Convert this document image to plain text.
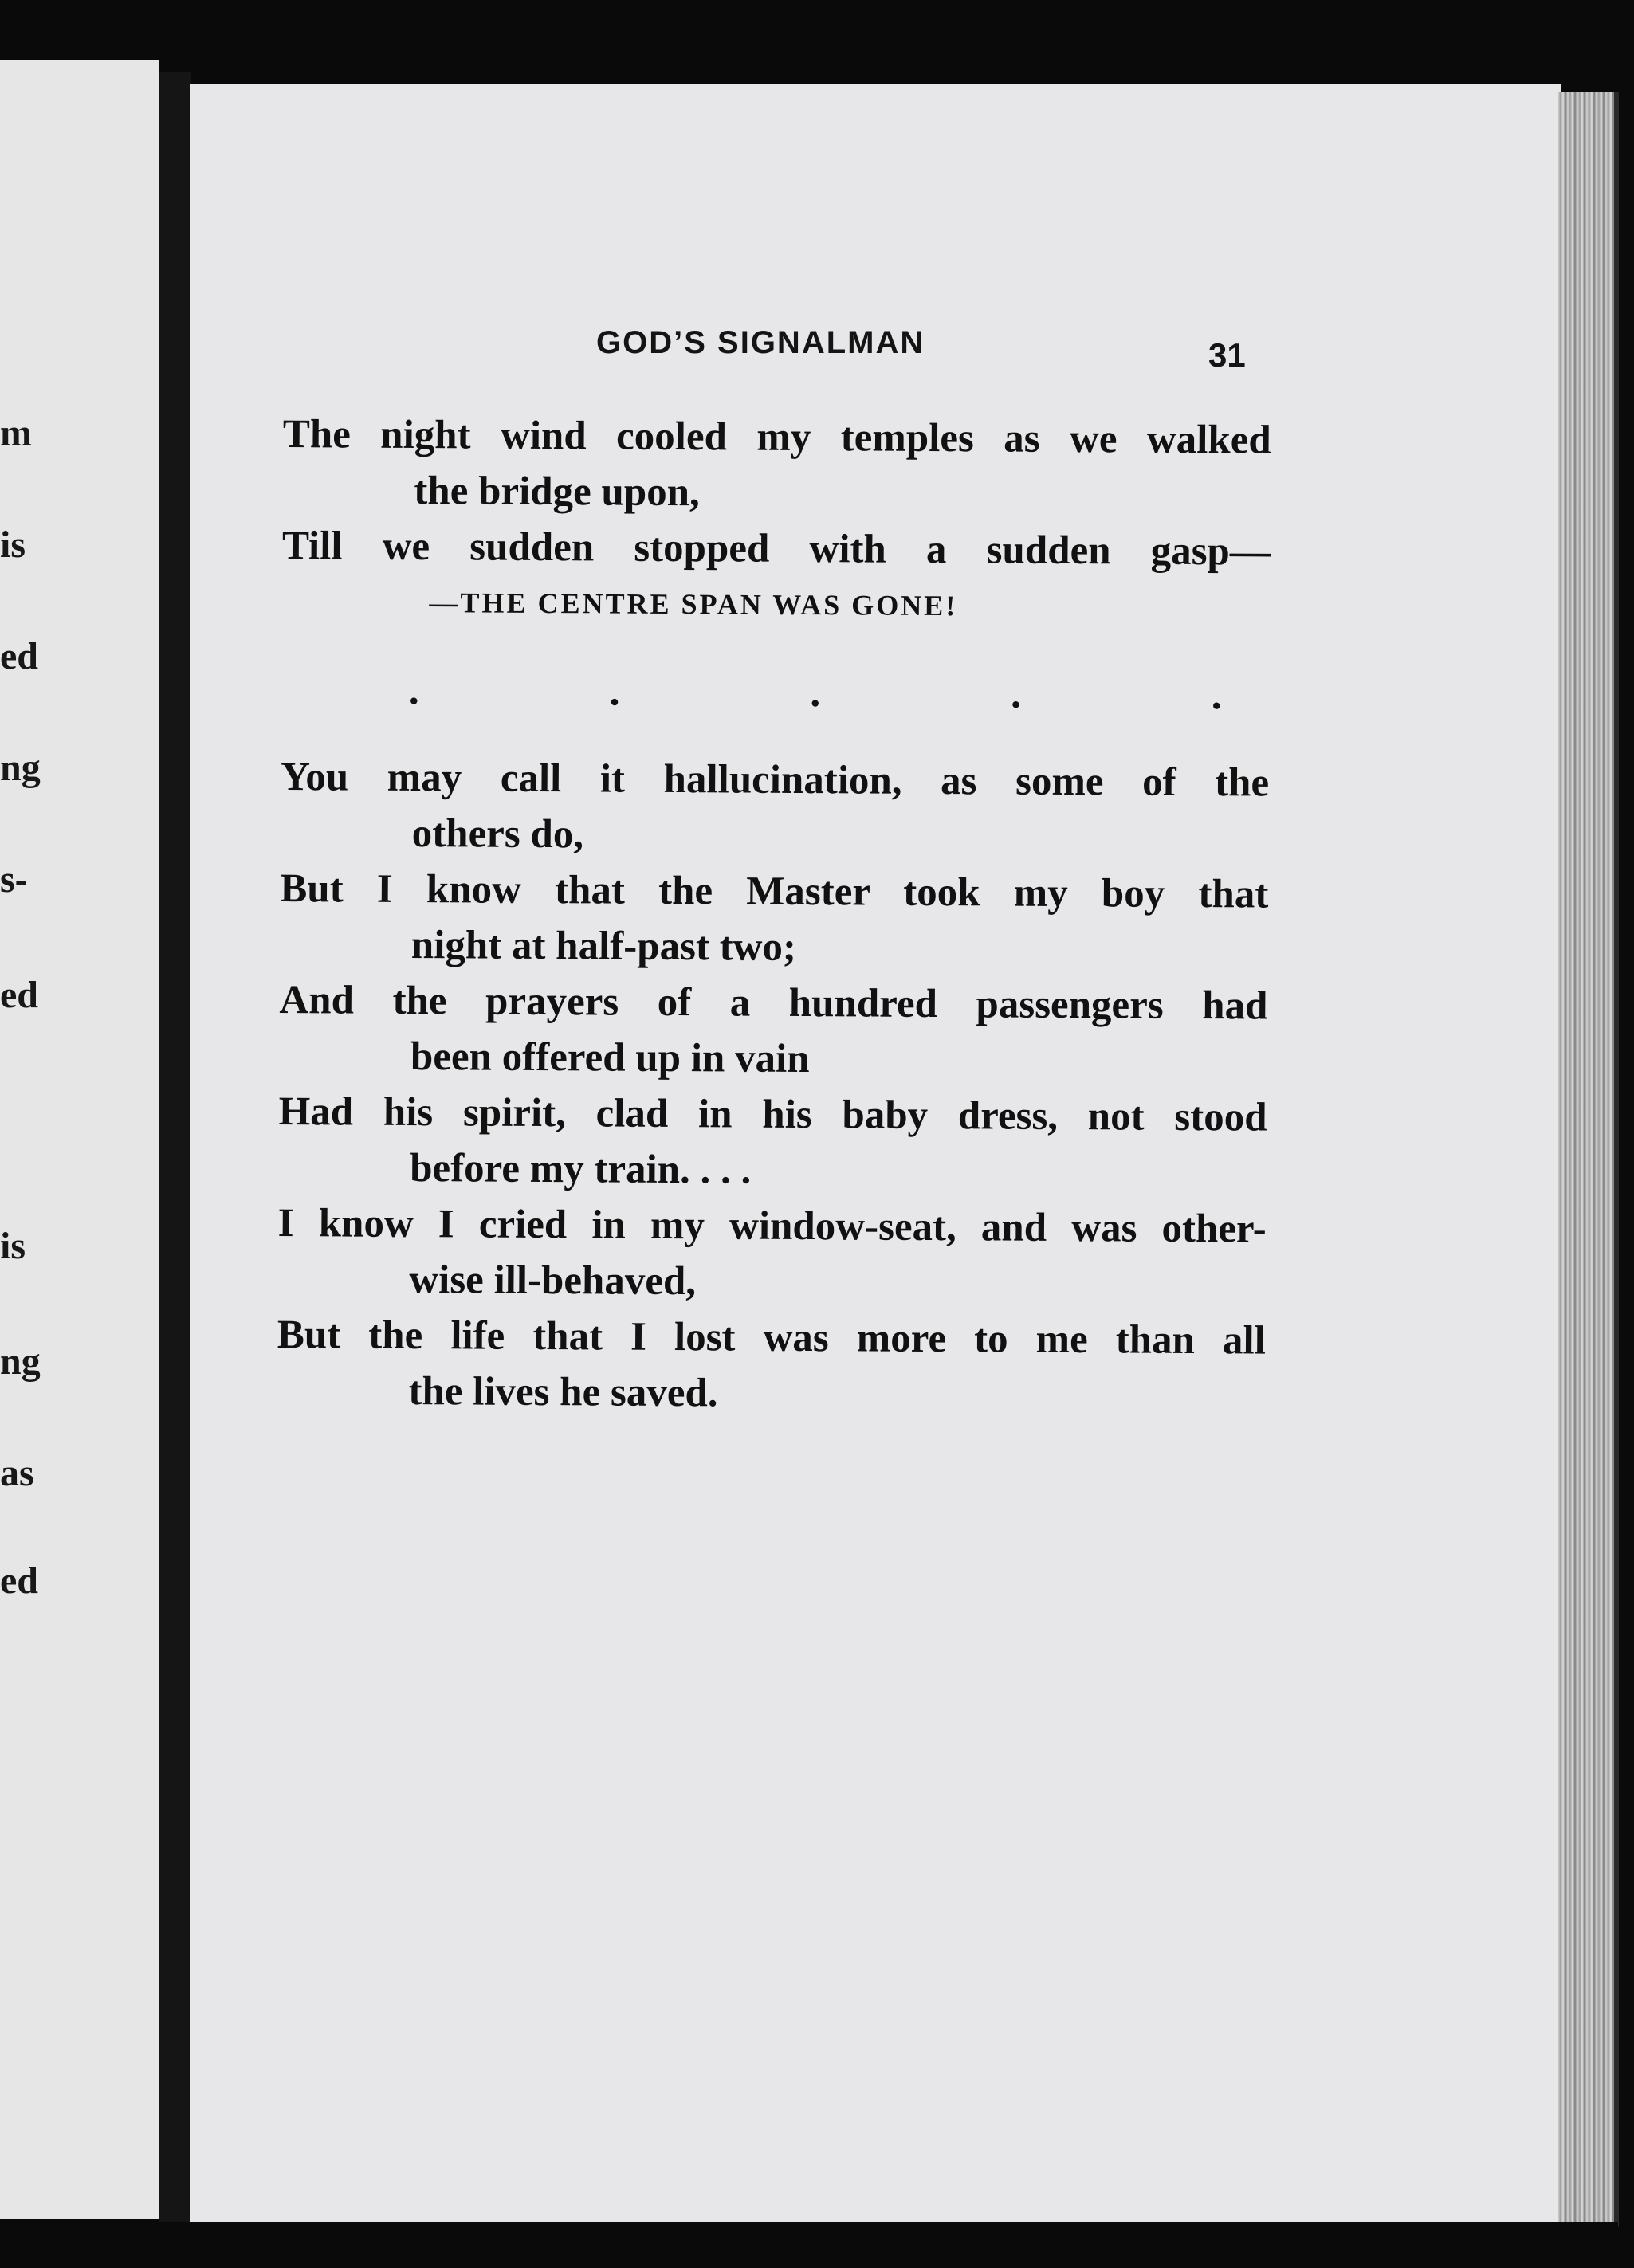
m
is
ed
ng
s-
ed
is
ng
as
ed
GOD’S SIGNALMAN	31
The night wind cooled my temples as we walked
the bridge upon,
Till we sudden stopped with a sudden gasp—
—THE CENTRE SPAN WAS GONE!
.	.	.	.	.
You may call it hallucination, as some of the
others do,
But I know that the Master took my boy that
night at half-past two;
And the prayers of a hundred passengers had
been offered up in vain
Had his spirit, clad in his baby dress, not stood
before my train. . . .
I know I cried in my window-seat, and was other-
wise ill-behaved,
But the life that I lost was more to me than all
the lives he saved.
